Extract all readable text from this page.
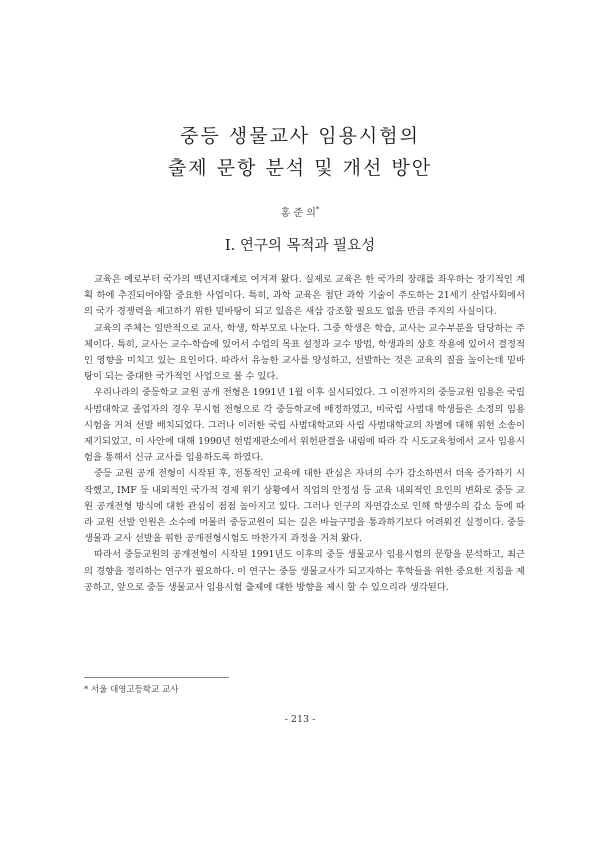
중등 생물교사 임용시험의
출제 문항 분석 및 개선 방안
홍 준 의*
Ⅰ. 연구의 목적과 필요성

교육은 예로부터 국가의 백년지대계로 여겨져 왔다. 실제로 교육은 한 국가의 장래를 좌우하는 장기적인 계획 하에 추진되어야할 중요한 사업이다. 특히, 과학 교육은 첨단 과학 기술이 주도하는 21세기 산업사회에서의 국가 경쟁력을 제고하기 위한 밑바탕이 되고 있음은 새삼 강조할 필요도 없을 만큼 주지의 사실이다.

교육의 주체는 일반적으로 교사, 학생, 학부모로 나눈다. 그중 학생은 학습, 교사는 교수부분을 담당하는 주체이다. 특히, 교사는 교수-학습에 있어서 수업의 목표 설정과 교수 방법, 학생과의 상호 작용에 있어서 결정적인 영향을 미치고 있는 요인이다. 따라서 유능한 교사를 양성하고, 선발하는 것은 교육의 질을 높이는데 밑바탕이 되는 중대한 국가적인 사업으로 볼 수 있다.

우리나라의 중등학교 교원 공개 전형은 1991년 1월 이후 실시되었다. 그 이전까지의 중등교원 임용은 국립 사범대학교 졸업자의 경우 무시험 전형으로 각 중등학교에 배정하였고, 비국립 사범대 학생들은 소정의 임용시험을 거쳐 선발 배치되었다. 그러나 이러한 국립 사범대학교와 사립 사범대학교의 차별에 대해 위헌 소송이 제기되었고, 이 사안에 대해 1990년 헌법재판소에서 위헌판결을 내림에 따라 각 시도교육청에서 교사 임용시험을 통해서 신규 교사를 임용하도록 하였다.

중등 교원 공개 전형이 시작된 후, 전통적인 교육에 대한 관심은 자녀의 수가 감소하면서 더욱 증가하기 시작했고, IMF 등 내외적인 국가적 경제 위기 상황에서 직업의 안정성 등 교육 내외적인 요인의 변화로 중등 교원 공개전형 방식에 대한 관심이 점점 높아지고 있다. 그러나 인구의 자연감소로 인해 학생수의 감소 등에 따라 교원 선발 인원은 소수에 머물러 중등교원이 되는 길은 바늘구멍을 통과하기보다 어려워진 실정이다. 중등 생물과 교사 선발을 위한 공개전형시험도 마찬가지 과정을 거쳐 왔다.

따라서 중등교원의 공개전형이 시작된 1991년도 이후의 중등 생물교사 임용시험의 문항을 분석하고, 최근의 경향을 정리하는 연구가 필요하다. 이 연구는 중등 생물교사가 되고자하는 후학들을 위한 중요한 지침을 제공하고, 앞으로 중등 생물교사 임용시험 출제에 대한 방향을 제시 할 수 있으리라 생각된다.

* 서울 대영고등학교 교사
- 213 -
